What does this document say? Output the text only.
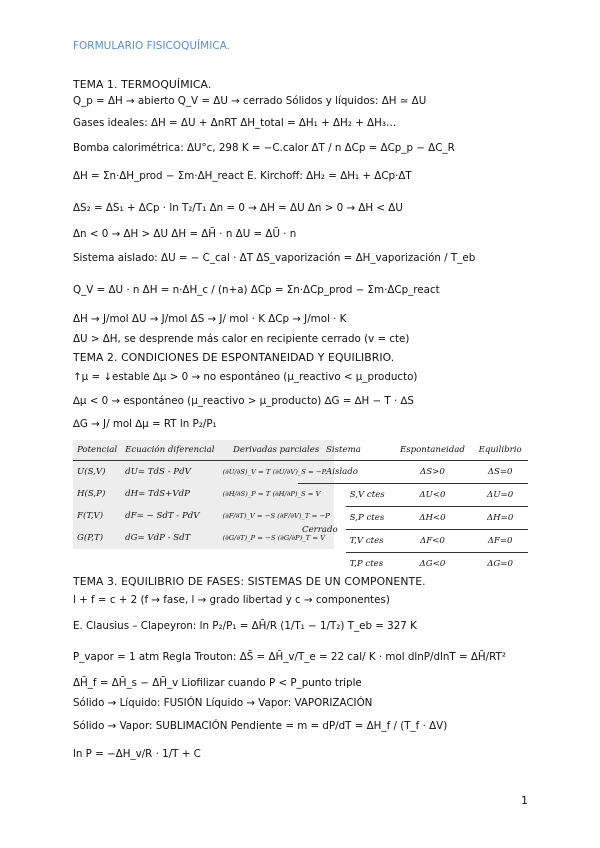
FORMULARIO FISICOQUÍMICA.
TEMA 1. TERMOQUÍMICA.
Q_p = ΔH → abierto Q_V = ΔU → cerrado Sólidos y líquidos: ΔH ≃ ΔU
Gases ideales: ΔH = ΔU + ΔnRT ΔH_total = ΔH₁ + ΔH₂ + ΔH₃…
Bomba calorimétrica: ΔU°c, 298 K = −C.calor ΔT / n ΔCp = ΔCp_p − ΔC_R
ΔH = Σn·ΔH_prod − Σm·ΔH_react E. Kirchoff: ΔH₂ = ΔH₁ + ΔCp·ΔT
ΔS₂ = ΔS₁ + ΔCp · ln T₂/T₁ Δn = 0 → ΔH = ΔU Δn > 0 → ΔH < ΔU
Δn < 0 → ΔH > ΔU ΔH = ΔH̄ · n ΔU = ΔŪ · n
Sistema aislado: ΔU = − C_cal · ΔT ΔS_vaporización = ΔH_vaporización / T_eb
Q_V = ΔU · n ΔH = n·ΔH_c / (n+a) ΔCp = Σn·ΔCp_prod − Σm·ΔCp_react
ΔH → J/mol ΔU → J/mol ΔS → J/ mol · K ΔCp → J/mol · K
ΔU > ΔH, se desprende más calor en recipiente cerrado (v = cte)
TEMA 2. CONDICIONES DE ESPONTANEIDAD Y EQUILIBRIO.
↑μ = ↓estable ∆μ > 0 → no espontáneo (μ_reactivo < μ_producto)
∆μ < 0 → espontáneo (μ_reactivo > μ_producto) ∆G = ∆H − T · ∆S
∆G → J/ mol ∆μ = RT ln P₂/P₁
Potencial	Ecuación diferencial	Derivadas parciales
U(S,V)	dU= TdS - PdV	(∂U/∂S)_V = T (∂U/∂V)_S = −P
H(S,P)	dH= TdS+VdP	(∂H/∂S)_P = T (∂H/∂P)_S = V
F(T,V)	dF= − SdT - PdV	(∂F/∂T)_V = −S (∂F/∂V)_T = −P
G(P,T)	dG= VdP - SdT	(∂G/∂T)_P = −S (∂G/∂P)_T = V
Sistema		Espontaneidad	Equilibrio
Aislado		ΔS>0	ΔS=0
Cerrado	S,V ctes	ΔU<0	ΔU=0
	S,P ctes	ΔH<0	ΔH=0
	T,V ctes	ΔF<0	ΔF=0
	T,P ctes	ΔG<0	ΔG=0
TEMA 3. EQUILIBRIO DE FASES: SISTEMAS DE UN COMPONENTE.
l + f = c + 2 (f → fase, l → grado libertad y c → componentes)
E. Clausius – Clapeyron: ln P₂/P₁ = ΔH̄/R (1/T₁ − 1/T₂) T_eb = 327 K
P_vapor = 1 atm Regla Trouton: ΔS̄ = ΔH̄_v/T_e = 22 cal/ K · mol dlnP/dlnT = ΔH̄/RT²
ΔH̄_f = ΔH̄_s − ΔH̄_v Liofilizar cuando P < P_punto triple
Sólido → Líquido: FUSIÓN Líquido → Vapor: VAPORIZACIÓN
Sólido → Vapor: SUBLIMACIÓN Pendiente = m = dP/dT = ΔH_f / (T_f · ΔV)
ln P = −ΔH_v/R · 1/T + C
1
